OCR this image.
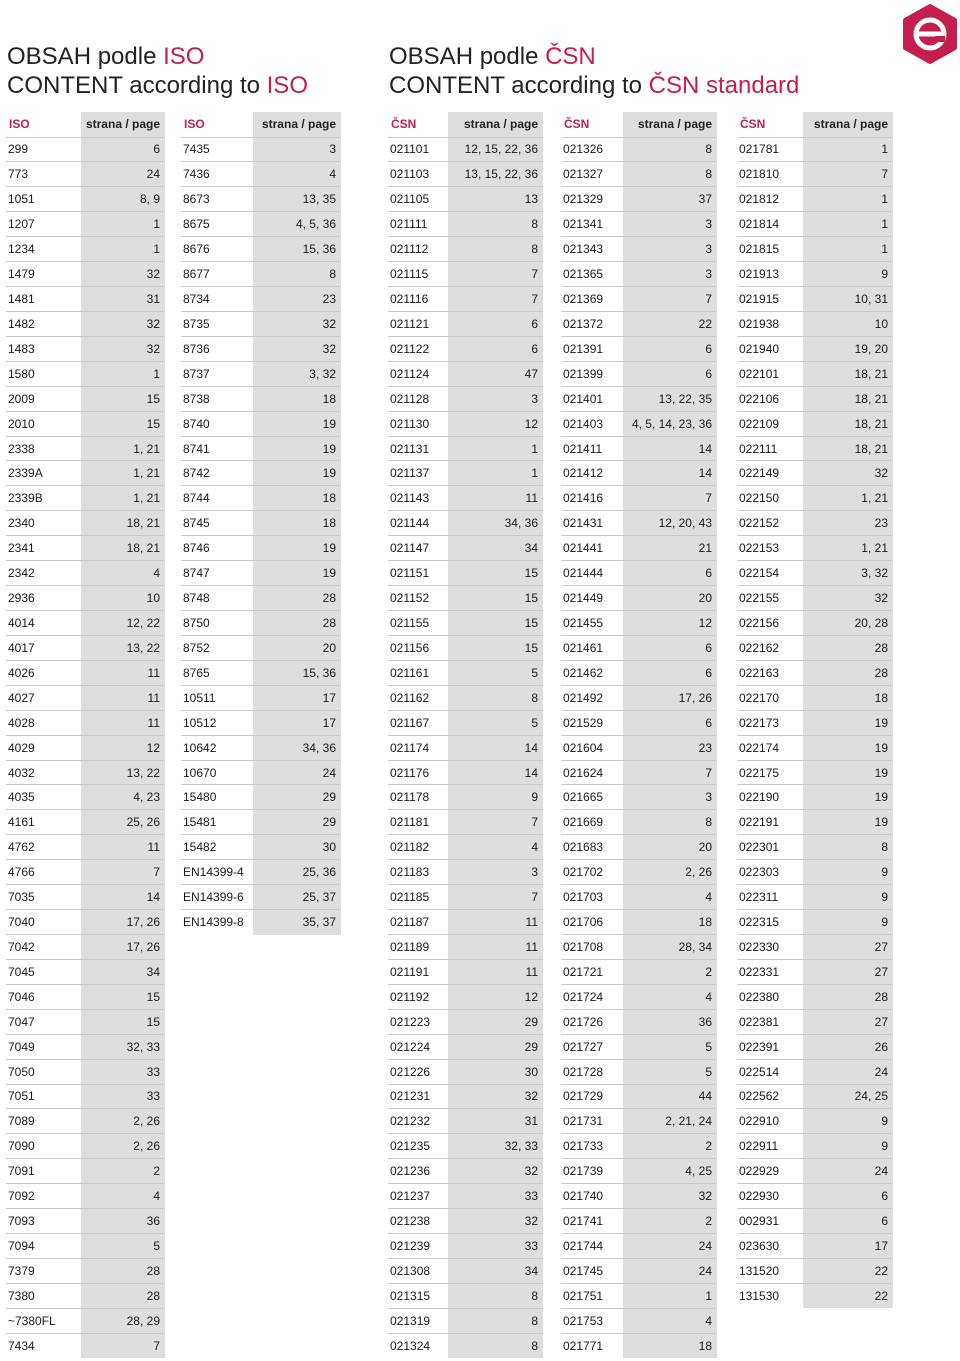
OBSAH podle ISO
CONTENT according to ISO
OBSAH podle ČSN
CONTENT according to ČSN standard
ISO	strana / page
299	6
773	24
1051	8, 9
1207	1
1234	1
1479	32
1481	31
1482	32
1483	32
1580	1
2009	15
2010	15
2338	1, 21
2339A	1, 21
2339B	1, 21
2340	18, 21
2341	18, 21
2342	4
2936	10
4014	12, 22
4017	13, 22
4026	11
4027	11
4028	11
4029	12
4032	13, 22
4035	4, 23
4161	25, 26
4762	11
4766	7
7035	14
7040	17, 26
7042	17, 26
7045	34
7046	15
7047	15
7049	32, 33
7050	33
7051	33
7089	2, 26
7090	2, 26
7091	2
7092	4
7093	36
7094	5
7379	28
7380	28
~7380FL	28, 29
7434	7
ISO	strana / page
7435	3
7436	4
8673	13, 35
8675	4, 5, 36
8676	15, 36
8677	8
8734	23
8735	32
8736	32
8737	3, 32
8738	18
8740	19
8741	19
8742	19
8744	18
8745	18
8746	19
8747	19
8748	28
8750	28
8752	20
8765	15, 36
10511	17
10512	17
10642	34, 36
10670	24
15480	29
15481	29
15482	30
EN14399-4	25, 36
EN14399-6	25, 37
EN14399-8	35, 37
ČSN	strana / page
021101	12, 15, 22, 36
021103	13, 15, 22, 36
021105	13
021111	8
021112	8
021115	7
021116	7
021121	6
021122	6
021124	47
021128	3
021130	12
021131	1
021137	1
021143	11
021144	34, 36
021147	34
021151	15
021152	15
021155	15
021156	15
021161	5
021162	8
021167	5
021174	14
021176	14
021178	9
021181	7
021182	4
021183	3
021185	7
021187	11
021189	11
021191	11
021192	12
021223	29
021224	29
021226	30
021231	32
021232	31
021235	32, 33
021236	32
021237	33
021238	32
021239	33
021308	34
021315	8
021319	8
021324	8
ČSN	strana / page
021326	8
021327	8
021329	37
021341	3
021343	3
021365	3
021369	7
021372	22
021391	6
021399	6
021401	13, 22, 35
021403	4, 5, 14, 23, 36
021411	14
021412	14
021416	7
021431	12, 20, 43
021441	21
021444	6
021449	20
021455	12
021461	6
021462	6
021492	17, 26
021529	6
021604	23
021624	7
021665	3
021669	8
021683	20
021702	2, 26
021703	4
021706	18
021708	28, 34
021721	2
021724	4
021726	36
021727	5
021728	5
021729	44
021731	2, 21, 24
021733	2
021739	4, 25
021740	32
021741	2
021744	24
021745	24
021751	1
021753	4
021771	18
ČSN	strana / page
021781	1
021810	7
021812	1
021814	1
021815	1
021913	9
021915	10, 31
021938	10
021940	19, 20
022101	18, 21
022106	18, 21
022109	18, 21
022111	18, 21
022149	32
022150	1, 21
022152	23
022153	1, 21
022154	3, 32
022155	32
022156	20, 28
022162	28
022163	28
022170	18
022173	19
022174	19
022175	19
022190	19
022191	19
022301	8
022303	9
022311	9
022315	9
022330	27
022331	27
022380	28
022381	27
022391	26
022514	24
022562	24, 25
022910	9
022911	9
022929	24
022930	6
002931	6
023630	17
131520	22
131530	22
